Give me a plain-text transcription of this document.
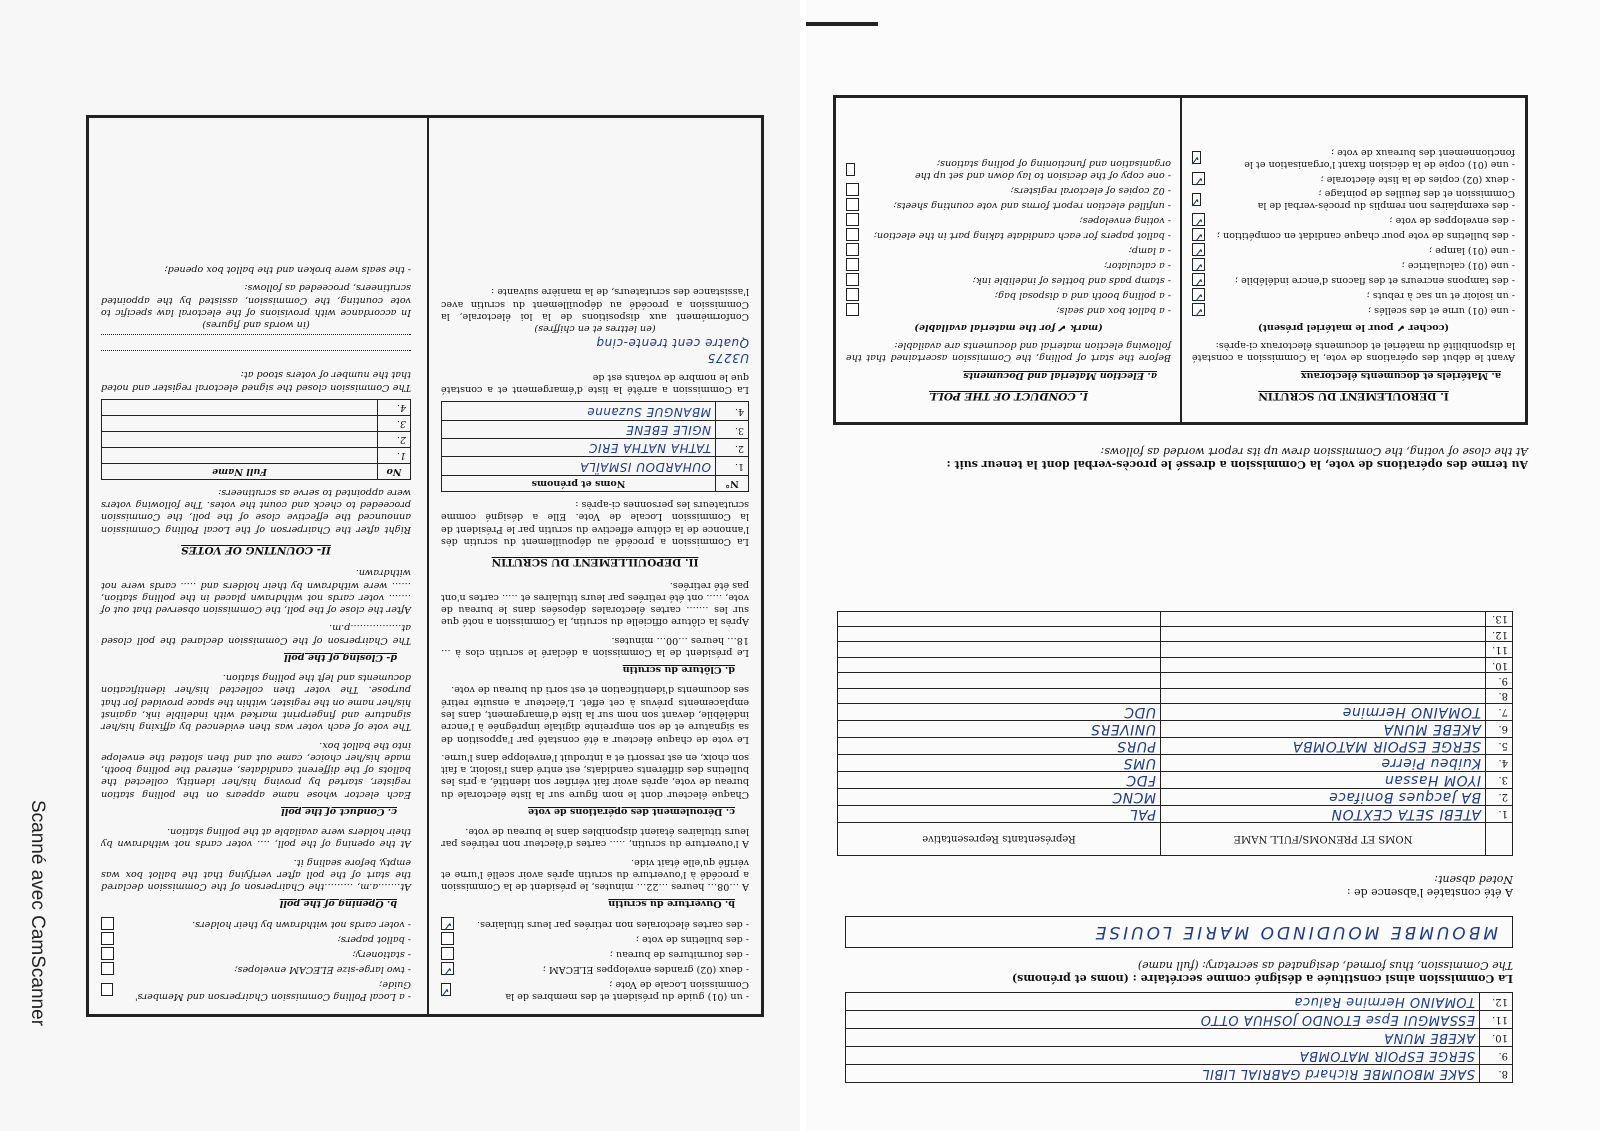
- un (01) guide du président et des membres de la Commission Locale de Vote ;
✓
- deux (02) grandes enveloppes ELECAM ;
✓
- des fournitures de bureau ;
- des bulletins de vote ;
- des cartes électorales non retirées par leurs titulaires.
✓
b. Ouverture du scrutin

A …08… heures …22… minutes, le président de la Commission a procédé à l'ouverture du scrutin après avoir scellé l'urne et vérifié qu'elle était vide.

A l'ouverture du scrutin, ….. cartes d'électeur non retirées par leurs titulaires étaient disponibles dans le bureau de vote.

c. Déroulement des opérations de vote

Chaque électeur dont le nom figure sur la liste électorale du bureau de vote, après avoir fait vérifier son identité, a pris les bulletins des différents candidats, est entré dans l'isoloir, a fait son choix, en est ressorti et a introduit l'enveloppe dans l'urne.

Le vote de chaque électeur a été constaté par l'apposition de sa signature et de son empreinte digitale imprégnée à l'encre indélébile, devant son nom sur la liste d'émargement, dans les emplacements prévus à cet effet. L'électeur a ensuite retiré ses documents d'identification et est sorti du bureau de vote.

d. Clôture du scrutin

Le président de la Commission a déclaré le scrutin clos à …18… heures …00… minutes.

Après la clôture officielle du scrutin, la Commission a noté que sur les ……. cartes électorales déposées dans le bureau de vote, ….. ont été retirées par leurs titulaires et ….. cartes n'ont pas été retirées.

II. DEPOUILLEMENT DU SCRUTIN

La Commission a procédé au dépouillement du scrutin dès l'annonce de la clôture effective du scrutin par le Président de la Commission Locale de Vote. Elle a désigné comme scrutateurs les personnes ci-après :

N°	Noms et prénoms
1.	OUHARDOU ISMAÏLA
2.	TATHA NATHA ERIC
3.	NGILE EBENE
4.	MBANGUE Suzanne

La Commission a arrêté la liste d'émargement et a constaté que le nombre de votants est de

U3275
Quatre cent trente-cinq
(en lettres et en chiffres)

Conformément aux dispositions de la loi électorale, la Commission a procédé au dépouillement du scrutin avec l'assistance des scrutateurs, de la manière suivante :

- a Local Polling Commission Chairperson and Members' Guide;
- two large-size ELECAM envelopes;
- stationery;
- ballot papers;
- voter cards not withdrawn by their holders.
b. Opening of the poll

At…….a.m, ………the Chairperson of the Commission declared the start of the poll after verifying that the ballot box was empty, before sealing it.

At the opening of the poll, …. voter cards not withdrawn by their holders were available at the polling station.

c. Conduct of the poll

Each elector whose name appears on the polling station register, started by proving his/her identity, collected the ballots of the different candidates, entered the polling booth, made his/her choice, came out and then slotted the envelope into the ballot box.

The vote of each voter was then evidenced by affixing his/her signature and fingerprint marked with indelible ink, against his/her name on the register, within the space provided for that purpose. The voter then collected his/her identification documents and left the polling station.

d- Closing of the poll

The Chairperson of the Commission declared the poll closed at…………….p.m.

After the close of the poll, the Commission observed that out of ……. voter cards not withdrawn placed in the polling station, …… were withdrawn by their holders and ….. cards were not withdrawn.

II- COUNTING OF VOTES

Right after the Chairperson of the Local Polling Commission announced the effective close of the poll, the Commission proceeded to check and count the votes. The following voters were appointed to serve as scrutineers:

No	Full Name
1.	
2.	
3.	
4.	

The Commission closed the signed electoral register and noted that the number of voters stood at:

(in words and figures)

In accordance with provisions of the electoral law specific to vote counting, the Commission, assisted by the appointed scrutineers, proceeded as follows:

- the seals were broken and the ballot box opened;

8.	SAKE MBOUMBE Richard GABRIAL LIBIL
9.	SERGE ESPOIR MATOMBA
10.	AKEBE MUNA
11.	ESSAMGUI Epse ETONDO JOSHUA OTTO
12.	TOMAINO Hermine Raluca
La Commission ainsi constituée a désigné comme secrétaire : (noms et prénoms)
The Commission, thus formed, designated as secretary: (full name)
MBOUMBE MOUDINDO MARIE LOUISE
A été constatée l'absence de :
Noted absent:
	NOMS ET PRENOMS/FULL NAME	Représentants Representative
1.	ATEBI SETA CEXTON	PAL
2.	BA Jacques Boniface	MCNC
3.	IYOM Hassan	FDC
4.	Kuibeu Pierre	UMS
5.	SERGE ESPOIR MATOMBA	PURS
6.	AKEBE MUNA	UNIVERS
7.	TOMAINO Hermine	UDC
8.		
9.		
10.		
11.		
12.		
13.		
Au terme des opérations de vote, la Commission a dressé le procès-verbal dont la teneur suit :
At the close of voting, the Commission drew up its report worded as follows:
I. DEROULEMENT DU SCRUTIN
a. Matériels et documents électoraux

Avant le début des opérations de vote, la Commission a constaté la disponibilité du matériel et documents électoraux ci-après:

(cocher ✔ pour le matériel présent)
- une (01) urne et des scellés ;
✓
- un isoloir et un sac à rebuts ;
✓
- des tampons encreurs et des flacons d'encre indélébile ;
✓
- une (01) calculatrice ;
✓
- une (01) lampe ;
✓
- des bulletins de vote pour chaque candidat en compétition ;
✓
- des enveloppes de vote ;
✓
- des exemplaires non remplis du procès-verbal de la Commission et des feuilles de pointage ;
✓
- deux (02) copies de la liste électorale ;
✓
- une (01) copie de la décision fixant l'organisation et le fonctionnement des bureaux de vote ;
✓
I. CONDUCT OF THE POLL
a. Election Material and Documents

Before the start of polling, the Commission ascertained that the following election material and documents are available:

(mark ✔ for the material available)
- a ballot box and seals;
- a polling booth and a disposal bag;
- stamp pads and bottles of indelible ink;
- a calculator;
- a lamp;
- ballot papers for each candidate taking part in the election;
- voting envelopes;
- unfilled election report forms and vote counting sheets;
- 02 copies of electoral registers;
- one copy of the decision to lay down and set up the organisation and functioning of polling stations;
Scanné avec CamScanner
